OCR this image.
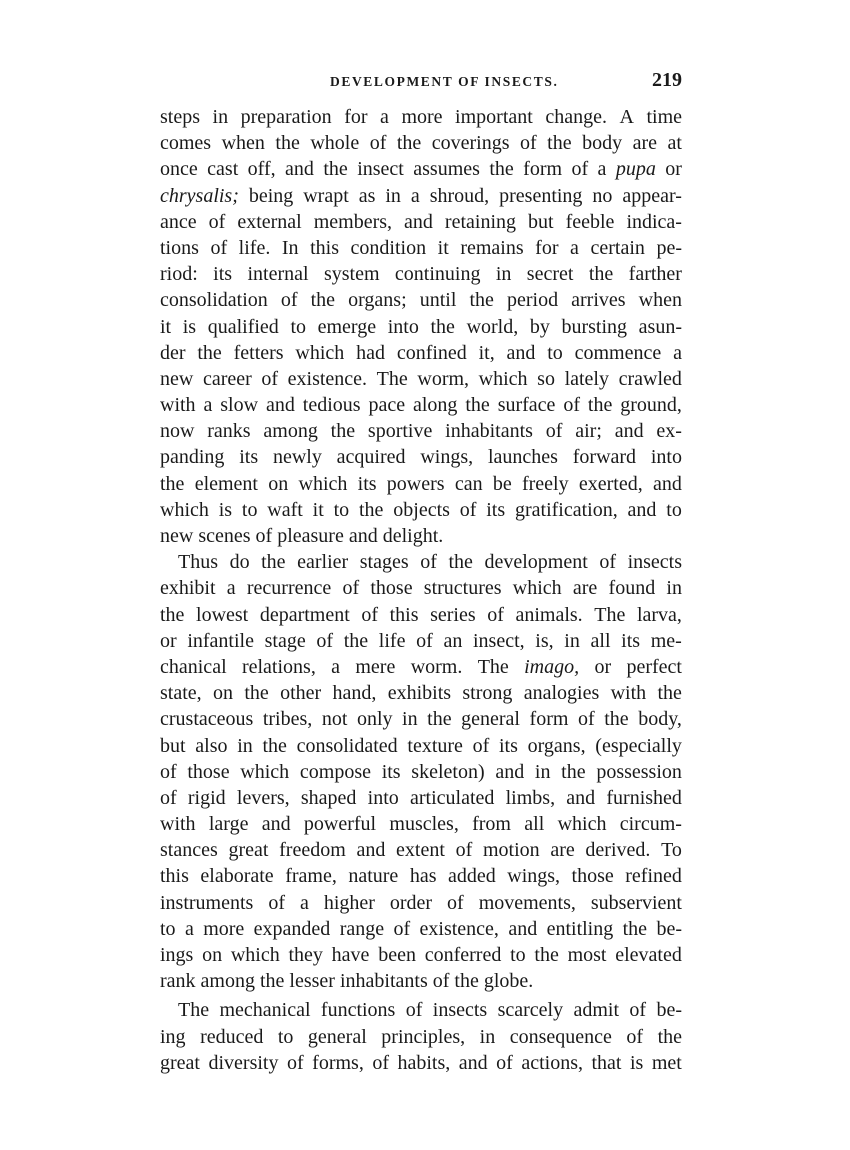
DEVELOPMENT OF INSECTS.	219
steps in preparation for a more important change. A time
comes when the whole of the coverings of the body are at
once cast off, and the insect assumes the form of a pupa or
chrysalis; being wrapt as in a shroud, presenting no appear-
ance of external members, and retaining but feeble indica-
tions of life. In this condition it remains for a certain pe-
riod: its internal system continuing in secret the farther
consolidation of the organs; until the period arrives when
it is qualified to emerge into the world, by bursting asun-
der the fetters which had confined it, and to commence a
new career of existence. The worm, which so lately crawled
with a slow and tedious pace along the surface of the ground,
now ranks among the sportive inhabitants of air; and ex-
panding its newly acquired wings, launches forward into
the element on which its powers can be freely exerted, and
which is to waft it to the objects of its gratification, and to
new scenes of pleasure and delight.
Thus do the earlier stages of the development of insects
exhibit a recurrence of those structures which are found in
the lowest department of this series of animals. The larva,
or infantile stage of the life of an insect, is, in all its me-
chanical relations, a mere worm. The imago, or perfect
state, on the other hand, exhibits strong analogies with the
crustaceous tribes, not only in the general form of the body,
but also in the consolidated texture of its organs, (especially
of those which compose its skeleton) and in the possession
of rigid levers, shaped into articulated limbs, and furnished
with large and powerful muscles, from all which circum-
stances great freedom and extent of motion are derived. To
this elaborate frame, nature has added wings, those refined
instruments of a higher order of movements, subservient
to a more expanded range of existence, and entitling the be-
ings on which they have been conferred to the most elevated
rank among the lesser inhabitants of the globe.
The mechanical functions of insects scarcely admit of be-
ing reduced to general principles, in consequence of the
great diversity of forms, of habits, and of actions, that is met
